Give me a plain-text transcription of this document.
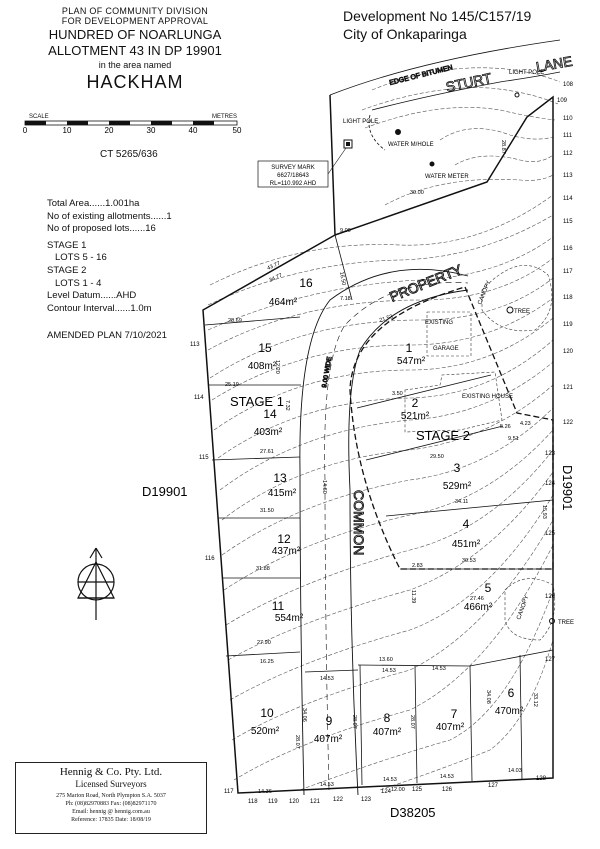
PLAN OF COMMUNITY DIVISION
FOR DEVELOPMENT APPROVAL
HUNDRED OF NOARLUNGA
ALLOTMENT 43 IN DP 19901
in the area named
HACKHAM
Development No 145/C157/19
City of Onkaparinga
SCALE	METRES
CT 5265/636
Total Area......1.001ha
No of existing allotments......1
No of proposed lots......16
STAGE 1
LOTS 5 - 16
STAGE 2
LOTS 1 - 4
Level Datum......AHD
Contour Interval......1.0m
AMENDED PLAN 7/10/2021
0	10	20	30	40	50
EDGE OF BITUMEN
STURT
LANE
PROPERTY
COMMON
9.00 WIDE
LIGHT POLE
LIGHT POLE
WATER M/HOLE
WATER METER
CANOPY
CANOPY
TREE
TREE
EXISTING
GARAGE
EXISTING HOUSE
SURVEY MARK
6627/18643
RL=110.992 AHD
D19901	D19901
D38205
STAGE 1
STAGE 2
1
547m²
2
521m²
3
529m²
4
451m²
5
466m²
6
470m²
7
407m²
8
407m²
9
407m²
10
520m²
11
554m²
12
437m²
13
415m²
14
403m²
15
408m²
16
464m²
108
109
110
111
112
113
114
115
116
117
118
119
120
121
122
123
124
125
126
127
128
113
114
115
116
117
118 119 120 121 122	123
124	125	126
127
43.77
34.77
9.00
16.50
28.69
7.18
25.19
21.53
3.50
29.50
34.11
30.53
27.46
13.60
14.53
14.53	14.53
14.53
14.53	14.53
14.03
12.00
14.36
31.88
27.90
16.25
28.07
28.07	28.07
34.08	33.12
34.06
27.61
31.50	15.93
4.23
5.26
9.51
28.87
30.00
11.39
12.20
7.32
14.60
2.83
Hennig & Co. Pty. Ltd.
Licensed Surveyors
275 Marion Road, North Plympton S.A. 5037
Ph: (08)82970883 Fax: (08)82971170
Email: hennig @ hennig.com.au
Reference: 17835 Date: 18/08/19
